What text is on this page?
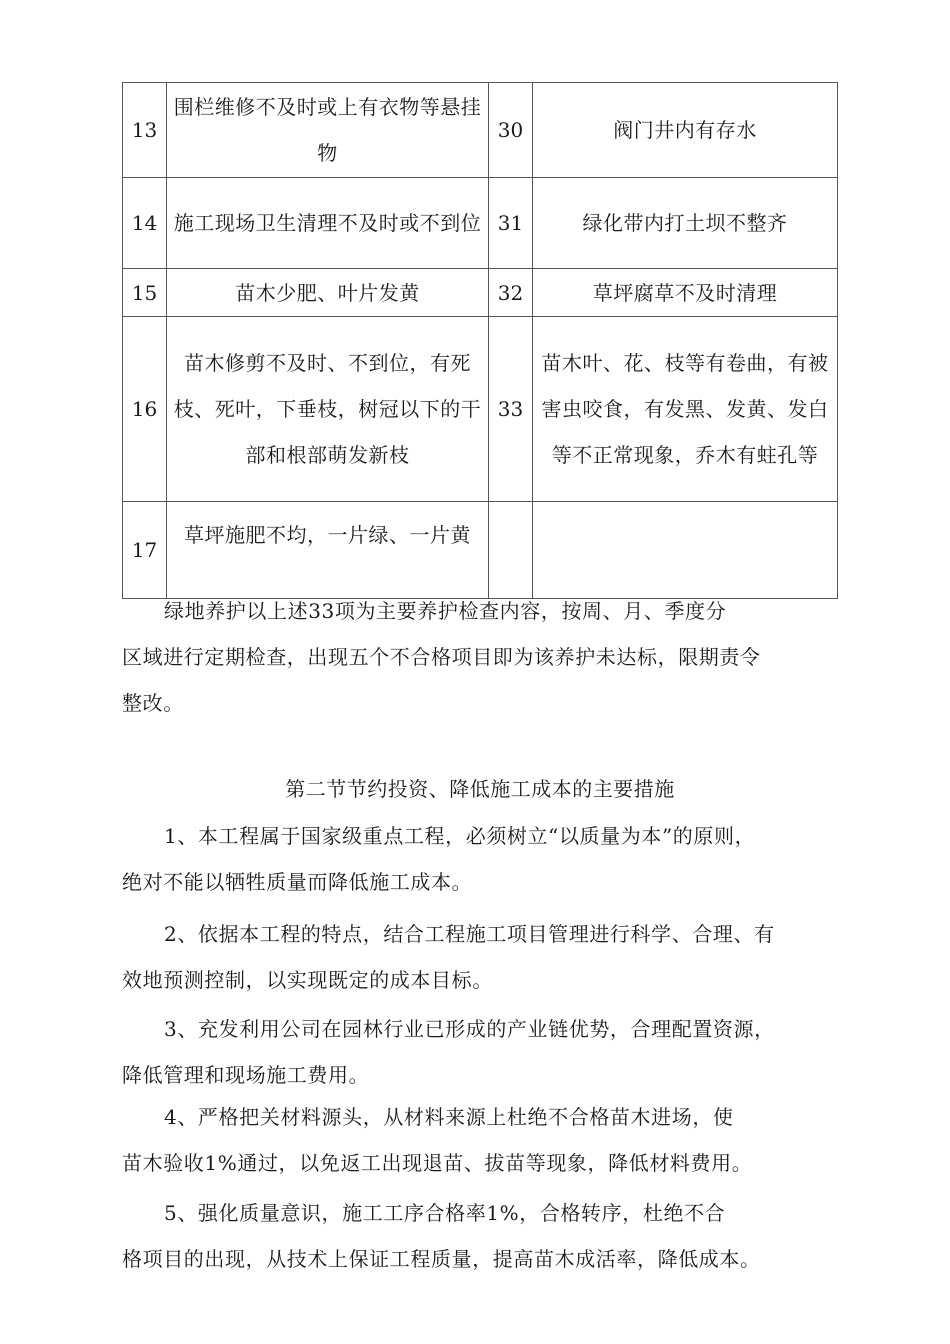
13	围栏维修不及时或上有衣物等悬挂物	30	阀门井内有存水
14	施工现场卫生清理不及时或不到位	31	绿化带内打土坝不整齐
15	苗木少肥、叶片发黄	32	草坪腐草不及时清理
16	苗木修剪不及时、不到位，有死枝、死叶，下垂枝，树冠以下的干部和根部萌发新枝	33	苗木叶、花、枝等有卷曲，有被害虫咬食，有发黑、发黄、发白等不正常现象，乔木有蛀孔等
17	草坪施肥不均，一片绿、一片黄		
绿地养护以上述33项为主要养护检查内容，按周、月、季度分
区域进行定期检查，出现五个不合格项目即为该养护未达标，限期责令
整改。
第二节节约投资、降低施工成本的主要措施
1、本工程属于国家级重点工程，必须树立“以质量为本”的原则，
绝对不能以牺牲质量而降低施工成本。
2、依据本工程的特点，结合工程施工项目管理进行科学、合理、有
效地预测控制，以实现既定的成本目标。
3、充发利用公司在园林行业已形成的产业链优势，合理配置资源，
降低管理和现场施工费用。
4、严格把关材料源头，从材料来源上杜绝不合格苗木进场，使
苗木验收1%通过，以免返工出现退苗、拔苗等现象，降低材料费用。
5、强化质量意识，施工工序合格率1%，合格转序，杜绝不合
格项目的出现，从技术上保证工程质量，提高苗木成活率，降低成本。
